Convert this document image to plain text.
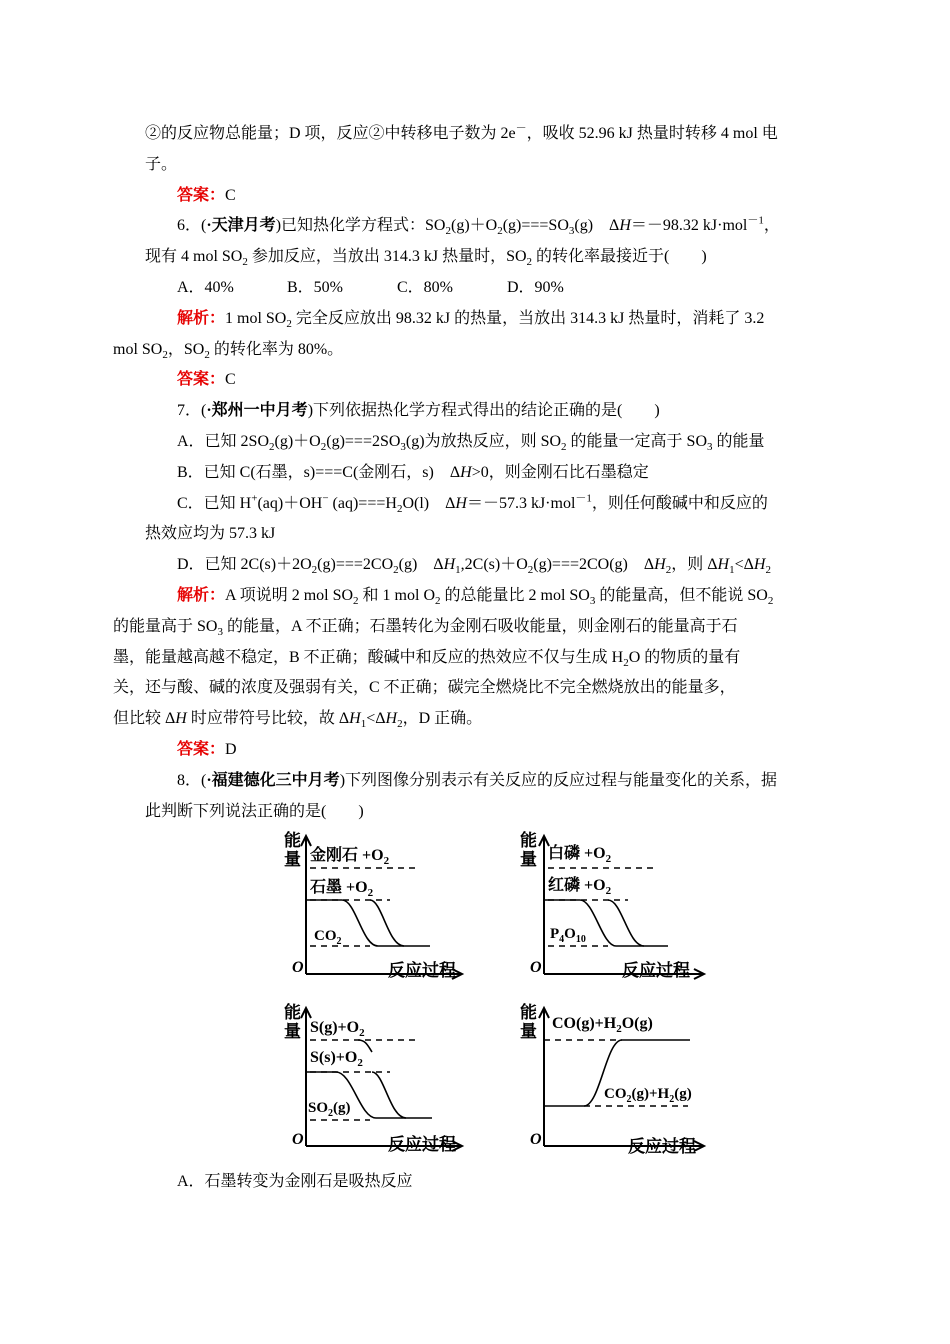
②的反应物总能量；D 项，反应②中转移电子数为 2e－，吸收 52.96 kJ 热量时转移 4 mol 电
子。

答案：C

6．(·天津月考)已知热化学方程式：$SO_2(g)+O_2(g)===SO_3(g)$　ΔH＝－98.32 kJ·mol$^{-1}$，

现有 4 mol $SO_2$ 参加反应，当放出 314.3 kJ 热量时，$SO_2$ 的转化率最接近于(　　)

A．40%	B．50%	C．80%	D．90%

解析：1 mol $SO_2$ 完全反应放出 98.32 kJ 的热量，当放出 314.3 kJ 热量时，消耗了 3.2
mol $SO_2$，$SO_2$ 的转化率为 80%。

答案：C

7．(·郑州一中月考)下列依据热化学方程式得出的结论正确的是(　　)

A．已知 $2SO_2(g)+O_2(g)===2SO_3(g)$为放热反应，则 $SO_2$ 的能量一定高于 $SO_3$ 的能量

B．已知 C(石墨，s)===C(金刚石，s)　ΔH>0，则金刚石比石墨稳定

C．已知 H+(aq)＋OH− $(aq)===H_2O(l)$　ΔH＝－57.3 kJ·mol$^{-1}$，则任何酸碱中和反应的

热效应均为 57.3 kJ

D．已知 $2C(s)+2O_2(g)===2CO_2(g)$　$\Delta H_1,2C(s)+O_2(g)===2CO(g)$　$\Delta H_2$，则 $\Delta H_1<\Delta H_2$

解析：A 项说明 2 mol $SO_2$ 和 1 mol $O_2$ 的总能量比 2 mol $SO_3$ 的能量高，但不能说 $SO_2$
的能量高于 $SO_3$ 的能量，A 不正确；石墨转化为金刚石吸收能量，则金刚石的能量高于石
墨，能量越高越不稳定，B 不正确；酸碱中和反应的热效应不仅与生成 $H_2O$ 的物质的量有
关，还与酸、碱的浓度及强弱有关，C 不正确；碳完全燃烧比不完全燃烧放出的能量多，
但比较 ΔH 时应带符号比较，故 $\Delta H_1<\Delta H_2$，D 正确。

答案：D

8．(·福建德化三中月考)下列图像分别表示有关反应的反应过程与能量变化的关系，据

此判断下列说法正确的是(　　)

能
量
O	反应过程
金刚石 $+O_2$
石墨 $+O_2$
$CO_2$
能
量
O	反应过程
白磷 $+O_2$
红磷 $+O_2$
$P_4O_{10}$
能
量
O	反应过程
$S(g)+O_2$
$S(s)+O_2$
$SO_2(g)$
能
量
O	反应过程
$CO(g)+H_2O(g)$
$CO_2(g)+H_2(g)$

A．石墨转变为金刚石是吸热反应
